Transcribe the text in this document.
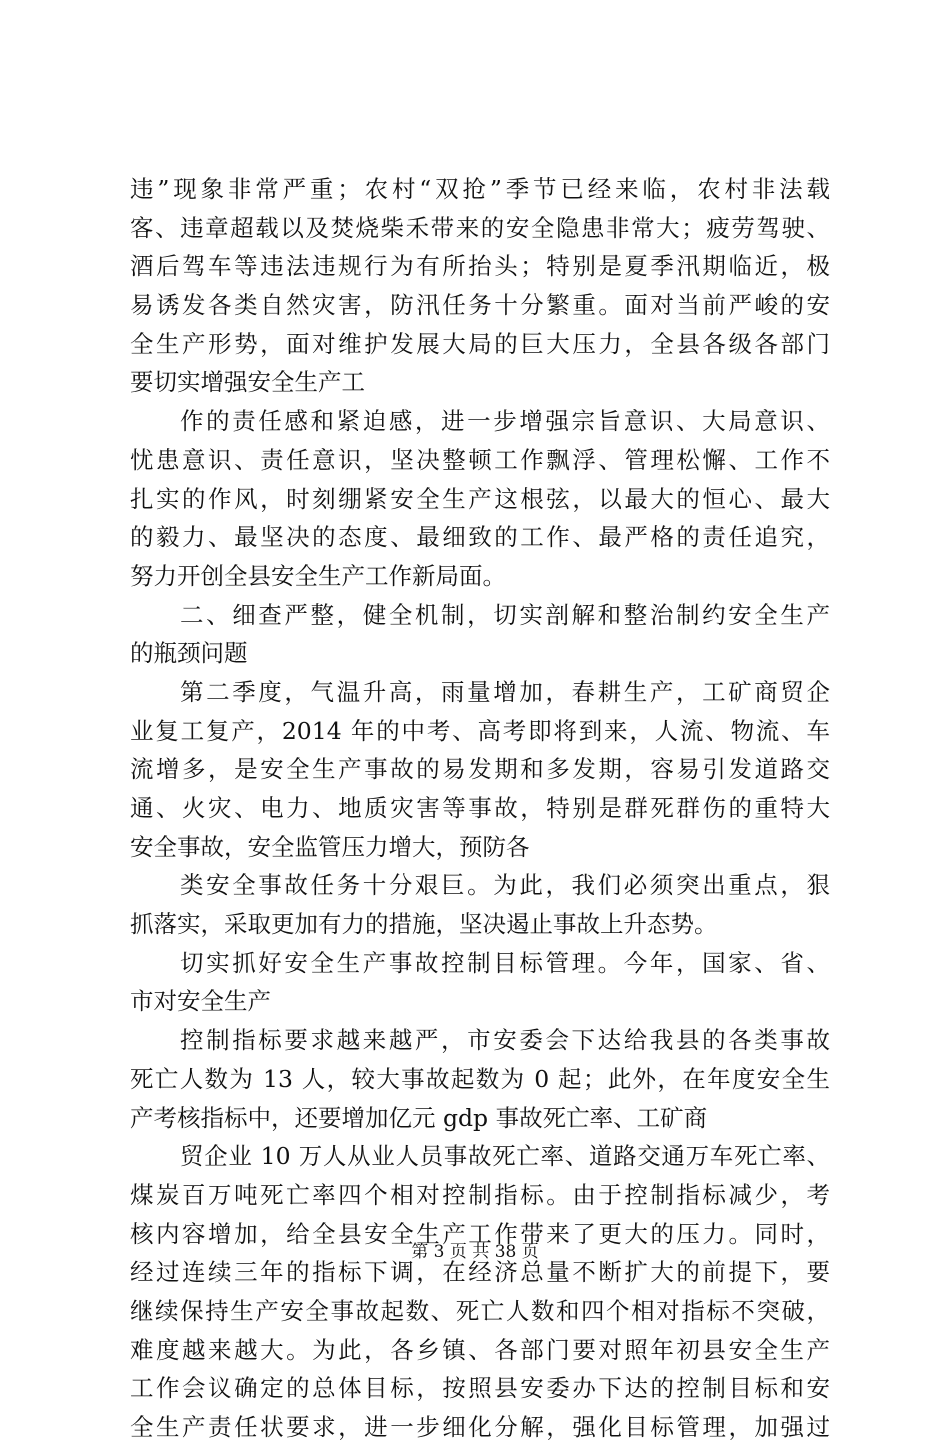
违”现象非常严重；农村“双抢”季节已经来临，农村非法载
客、违章超载以及焚烧柴禾带来的安全隐患非常大；疲劳驾驶、
酒后驾车等违法违规行为有所抬头；特别是夏季汛期临近，极
易诱发各类自然灾害，防汛任务十分繁重。面对当前严峻的安
全生产形势，面对维护发展大局的巨大压力，全县各级各部门
要切实增强安全生产工
作的责任感和紧迫感，进一步增强宗旨意识、大局意识、
忧患意识、责任意识，坚决整顿工作飘浮、管理松懈、工作不
扎实的作风，时刻绷紧安全生产这根弦，以最大的恒心、最大
的毅力、最坚决的态度、最细致的工作、最严格的责任追究，
努力开创全县安全生产工作新局面。
二、细查严整，健全机制，切实剖解和整治制约安全生产
的瓶颈问题
第二季度，气温升高，雨量增加，春耕生产，工矿商贸企
业复工复产，2014 年的中考、高考即将到来，人流、物流、车
流增多，是安全生产事故的易发期和多发期，容易引发道路交
通、火灾、电力、地质灾害等事故，特别是群死群伤的重特大
安全事故，安全监管压力增大，预防各
类安全事故任务十分艰巨。为此，我们必须突出重点，狠
抓落实，采取更加有力的措施，坚决遏止事故上升态势。
切实抓好安全生产事故控制目标管理。今年，国家、省、
市对安全生产
控制指标要求越来越严，市安委会下达给我县的各类事故
死亡人数为 13 人，较大事故起数为 0 起；此外，在年度安全生
产考核指标中，还要增加亿元 gdp 事故死亡率、工矿商
贸企业 10 万人从业人员事故死亡率、道路交通万车死亡率、
煤炭百万吨死亡率四个相对控制指标。由于控制指标减少，考
核内容增加，给全县安全生产工作带来了更大的压力。同时，
经过连续三年的指标下调，在经济总量不断扩大的前提下，要
继续保持生产安全事故起数、死亡人数和四个相对指标不突破，
难度越来越大。为此，各乡镇、各部门要对照年初县安全生产
工作会议确定的总体目标，按照县安委办下达的控制目标和安
全生产责任状要求，进一步细化分解，强化目标管理，加强过
第 3 页 共 38 页
